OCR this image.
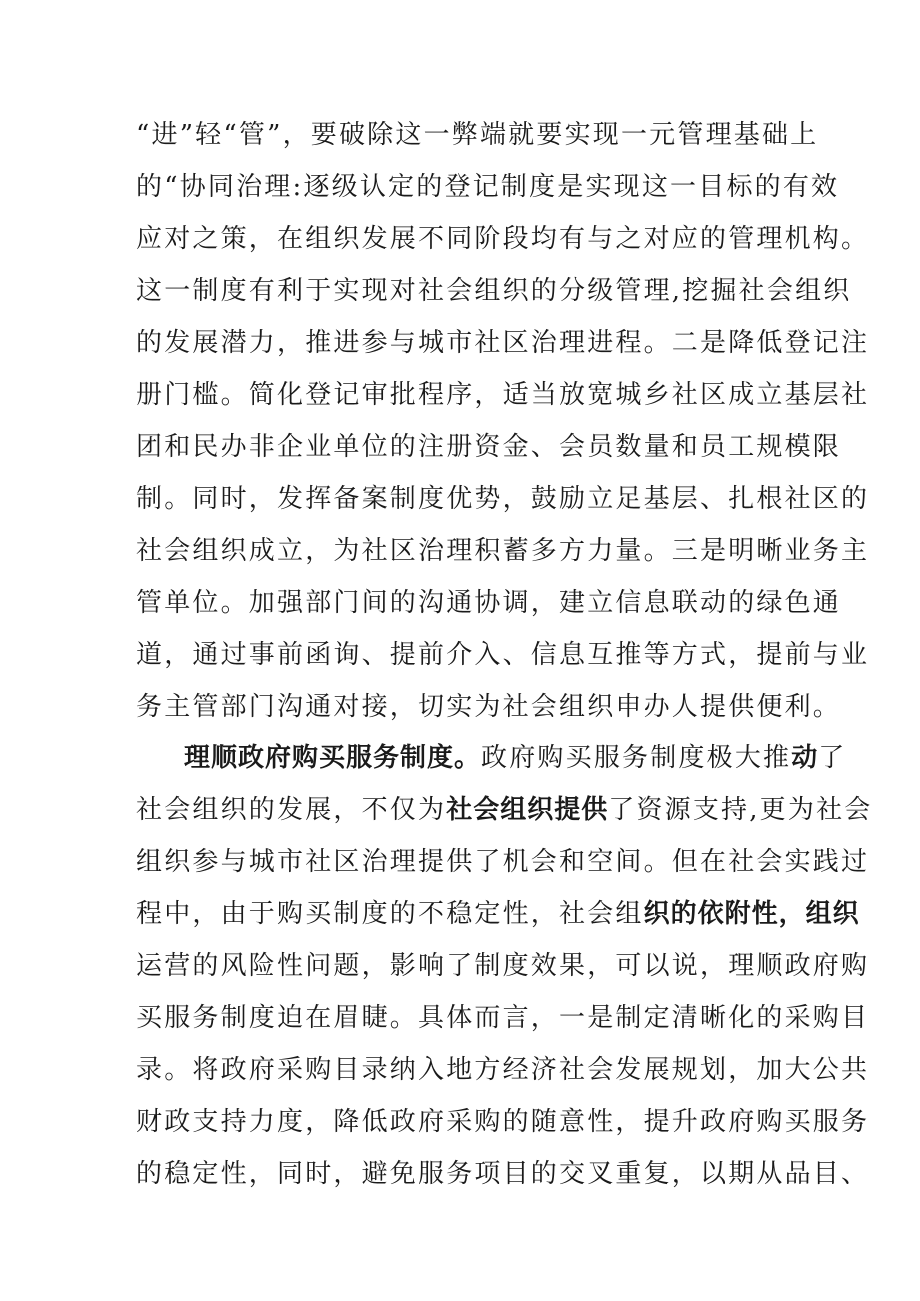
“进”轻“管”，要破除这一弊端就要实现一元管理基础上
的“协同治理:逐级认定的登记制度是实现这一目标的有效
应对之策，在组织发展不同阶段均有与之对应的管理机构。
这一制度有利于实现对社会组织的分级管理,挖掘社会组织
的发展潜力，推进参与城市社区治理进程。二是降低登记注
册门槛。简化登记审批程序，适当放宽城乡社区成立基层社
团和民办非企业单位的注册资金、会员数量和员工规模限
制。同时，发挥备案制度优势，鼓励立足基层、扎根社区的
社会组织成立，为社区治理积蓄多方力量。三是明晰业务主
管单位。加强部门间的沟通协调，建立信息联动的绿色通
道，通过事前函询、提前介入、信息互推等方式，提前与业
务主管部门沟通对接，切实为社会组织申办人提供便利。
理顺政府购买服务制度。政府购买服务制度极大推动了
社会组织的发展，不仅为社会组织提供了资源支持,更为社会
组织参与城市社区治理提供了机会和空间。但在社会实践过
程中，由于购买制度的不稳定性，社会组织的依附性，组织
运营的风险性问题，影响了制度效果，可以说，理顺政府购
买服务制度迫在眉睫。具体而言，一是制定清晰化的采购目
录。将政府采购目录纳入地方经济社会发展规划，加大公共
财政支持力度，降低政府采购的随意性，提升政府购买服务
的稳定性，同时，避免服务项目的交叉重复，以期从品目、
